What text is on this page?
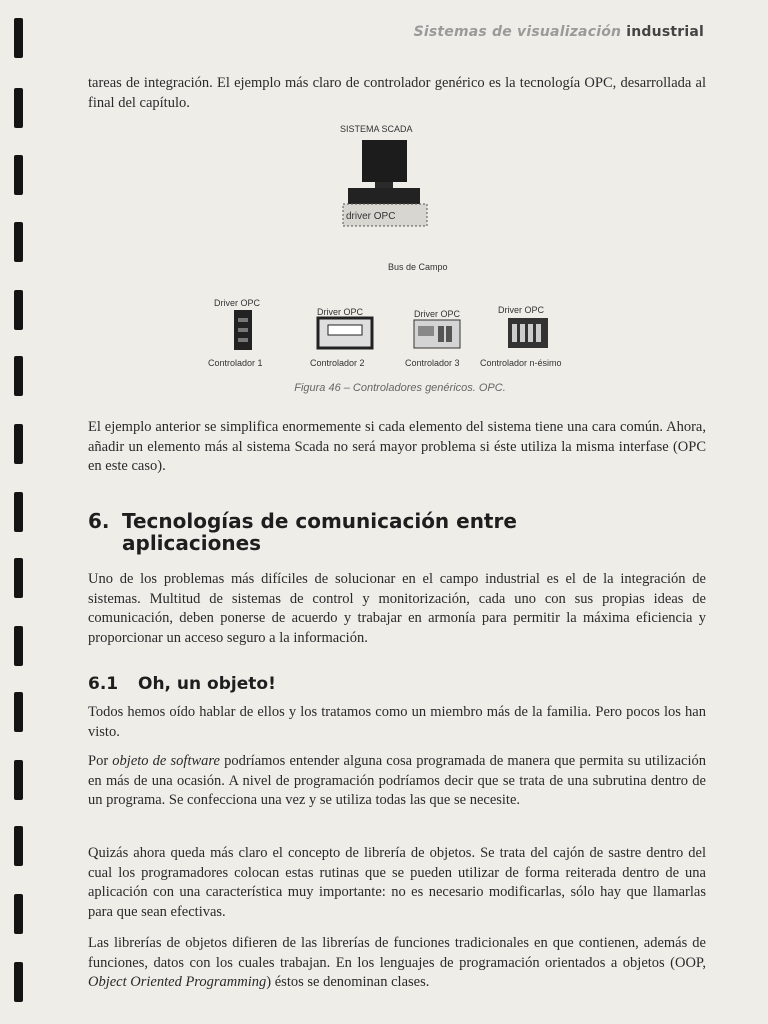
Sistemas de visualización industrial

tareas de integración. El ejemplo más claro de controlador genérico es la tecnología OPC, desarrollada al final del capítulo.

SISTEMA SCADA
driver OPC
Bus de Campo
Driver OPC
Driver OPC	Driver OPC	Driver OPC
Controlador 1	Controlador 2	Controlador 3 Controlador n-ésimo
Figura 46 – Controladores genéricos. OPC.

El ejemplo anterior se simplifica enormemente si cada elemento del sistema tiene una cara común. Ahora, añadir un elemento más al sistema Scada no será mayor problema si éste utiliza la misma interfase (OPC en este caso).

6. Tecnologías de comunicación entre
aplicaciones

Uno de los problemas más difíciles de solucionar en el campo industrial es el de la integración de sistemas. Multitud de sistemas de control y monitorización, cada uno con sus propias ideas de comunicación, deben ponerse de acuerdo y trabajar en armonía para permitir la máxima eficiencia y proporcionar un acceso seguro a la información.

6.1 Oh, un objeto!

Todos hemos oído hablar de ellos y los tratamos como un miembro más de la familia. Pero pocos los han visto.

Por objeto de software podríamos entender alguna cosa programada de manera que permita su utilización en más de una ocasión. A nivel de programación podríamos decir que se trata de una subrutina dentro de un programa. Se confecciona una vez y se utiliza todas las que se necesite.

Quizás ahora queda más claro el concepto de librería de objetos. Se trata del cajón de sastre dentro del cual los programadores colocan estas rutinas que se pueden utilizar de forma reiterada dentro de una aplicación con una característica muy importante: no es necesario modificarlas, sólo hay que llamarlas para que sean efectivas.

Las librerías de objetos difieren de las librerías de funciones tradicionales en que contienen, además de funciones, datos con los cuales trabajan. En los lenguajes de programación orientados a objetos (OOP, Object Oriented Programming) éstos se denominan clases.
